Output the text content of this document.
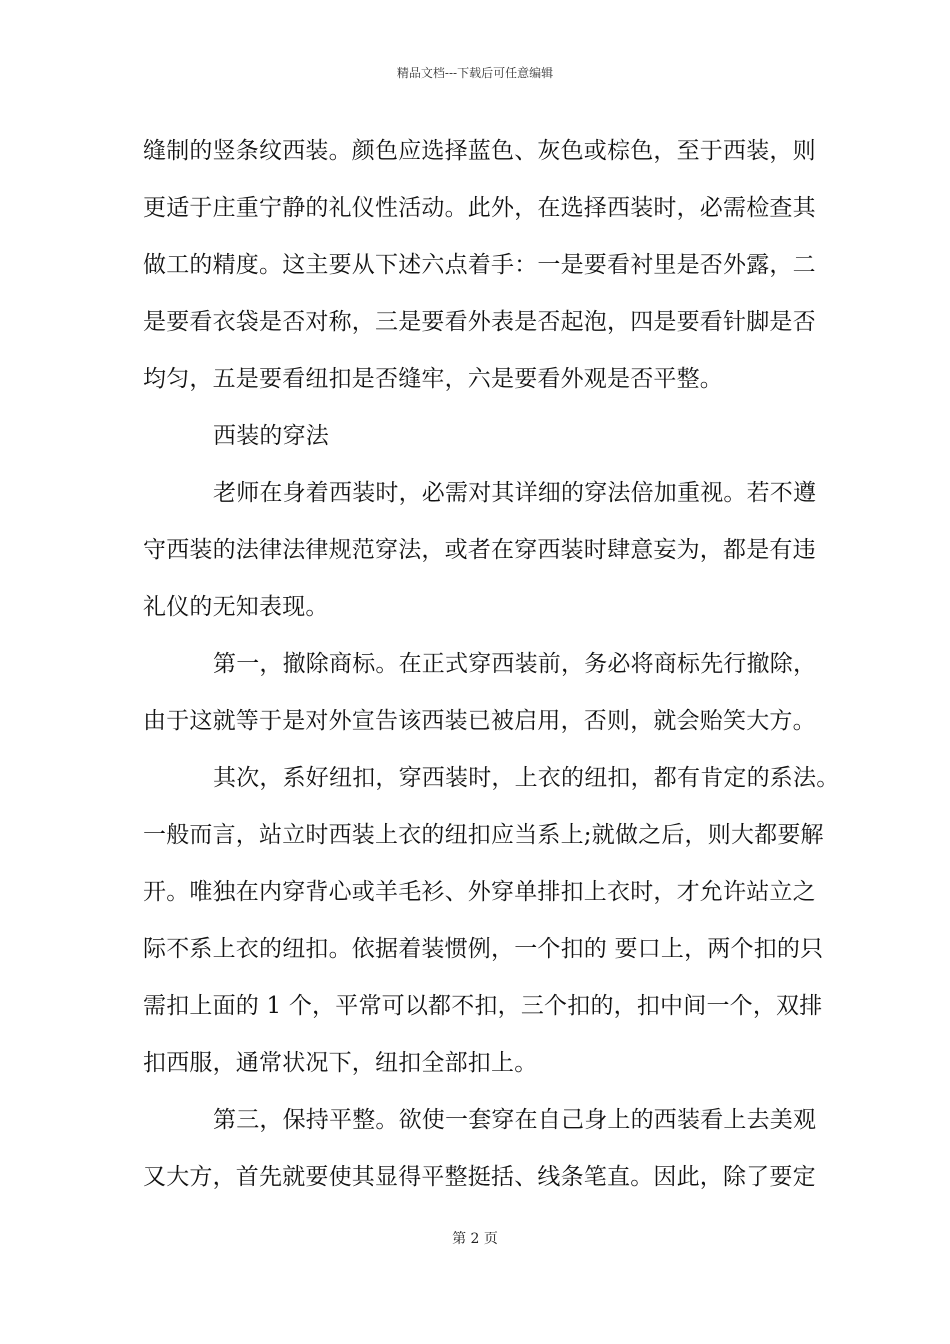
精品文档---下载后可任意编辑
缝制的竖条纹西装。颜色应选择蓝色、灰色或棕色，至于西装，则
更适于庄重宁静的礼仪性活动。此外，在选择西装时，必需检查其
做工的精度。这主要从下述六点着手：一是要看衬里是否外露，二
是要看衣袋是否对称，三是要看外表是否起泡，四是要看针脚是否
均匀，五是要看纽扣是否缝牢，六是要看外观是否平整。
西装的穿法
老师在身着西装时，必需对其详细的穿法倍加重视。若不遵
守西装的法律法律规范穿法，或者在穿西装时肆意妄为，都是有违
礼仪的无知表现。
第一，撤除商标。在正式穿西装前，务必将商标先行撤除，
由于这就等于是对外宣告该西装已被启用，否则，就会贻笑大方。
其次，系好纽扣，穿西装时，上衣的纽扣，都有肯定的系法。
一般而言，站立时西装上衣的纽扣应当系上;就做之后，则大都要解
开。唯独在内穿背心或羊毛衫、外穿单排扣上衣时，才允许站立之
际不系上衣的纽扣。依据着装惯例，一个扣的 要口上，两个扣的只
需扣上面的 1 个，平常可以都不扣，三个扣的，扣中间一个，双排
扣西服，通常状况下，纽扣全部扣上。
第三，保持平整。欲使一套穿在自己身上的西装看上去美观
又大方，首先就要使其显得平整挺括、线条笔直。因此，除了要定
第 2 页
